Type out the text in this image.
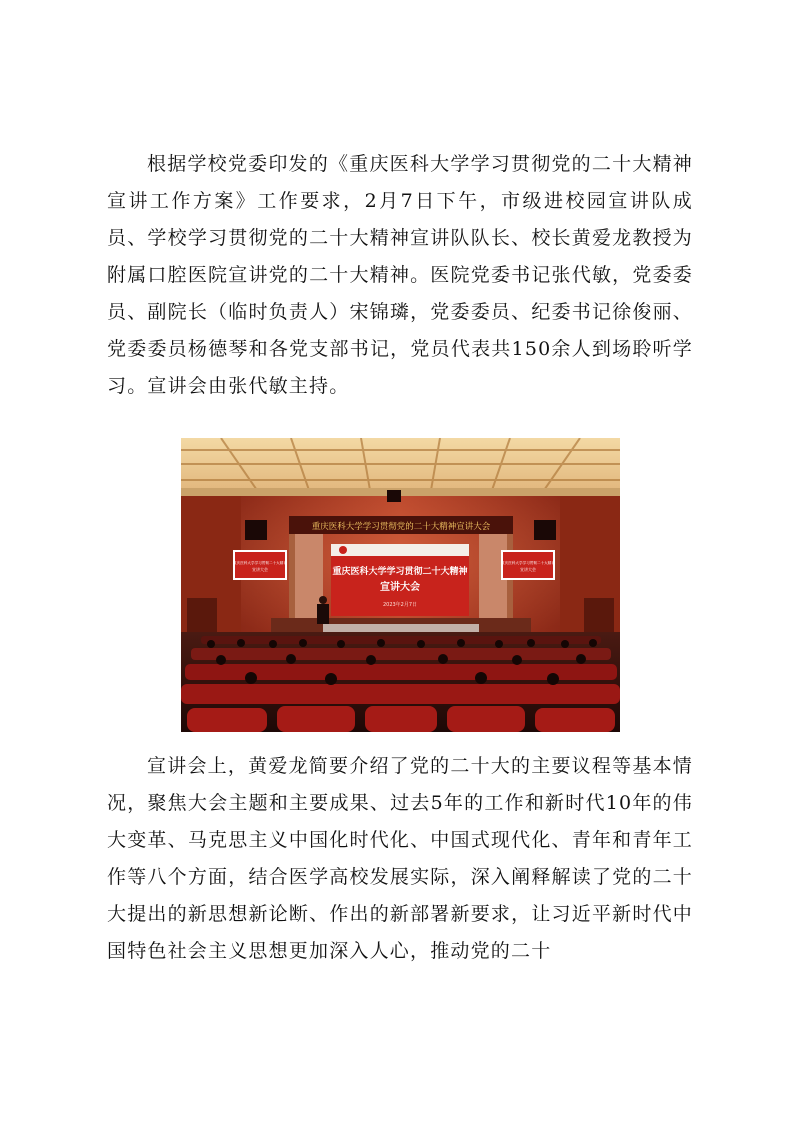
根据学校党委印发的《重庆医科大学学习贯彻党的二十大精神宣讲工作方案》工作要求，2月7日下午，市级进校园宣讲队成员、学校学习贯彻党的二十大精神宣讲队队长、校长黄爱龙教授为附属口腔医院宣讲党的二十大精神。医院党委书记张代敏，党委委员、副院长（临时负责人）宋锦璘，党委委员、纪委书记徐俊丽、党委委员杨德琴和各党支部书记，党员代表共150余人到场聆听学习。宣讲会由张代敏主持。

重庆医科大学学习贯彻党的二十大精神宣讲大会
重庆医科大学学习贯彻二十大精神
宣讲大会
2023年2月7日
重庆医科大学学习贯彻二十大精神
宣讲大会
重庆医科大学学习贯彻二十大精神
宣讲大会

宣讲会上，黄爱龙简要介绍了党的二十大的主要议程等基本情况，聚焦大会主题和主要成果、过去5年的工作和新时代10年的伟大变革、马克思主义中国化时代化、中国式现代化、青年和青年工作等八个方面，结合医学高校发展实际，深入阐释解读了党的二十大提出的新思想新论断、作出的新部署新要求，让习近平新时代中国特色社会主义思想更加深入人心，推动党的二十
